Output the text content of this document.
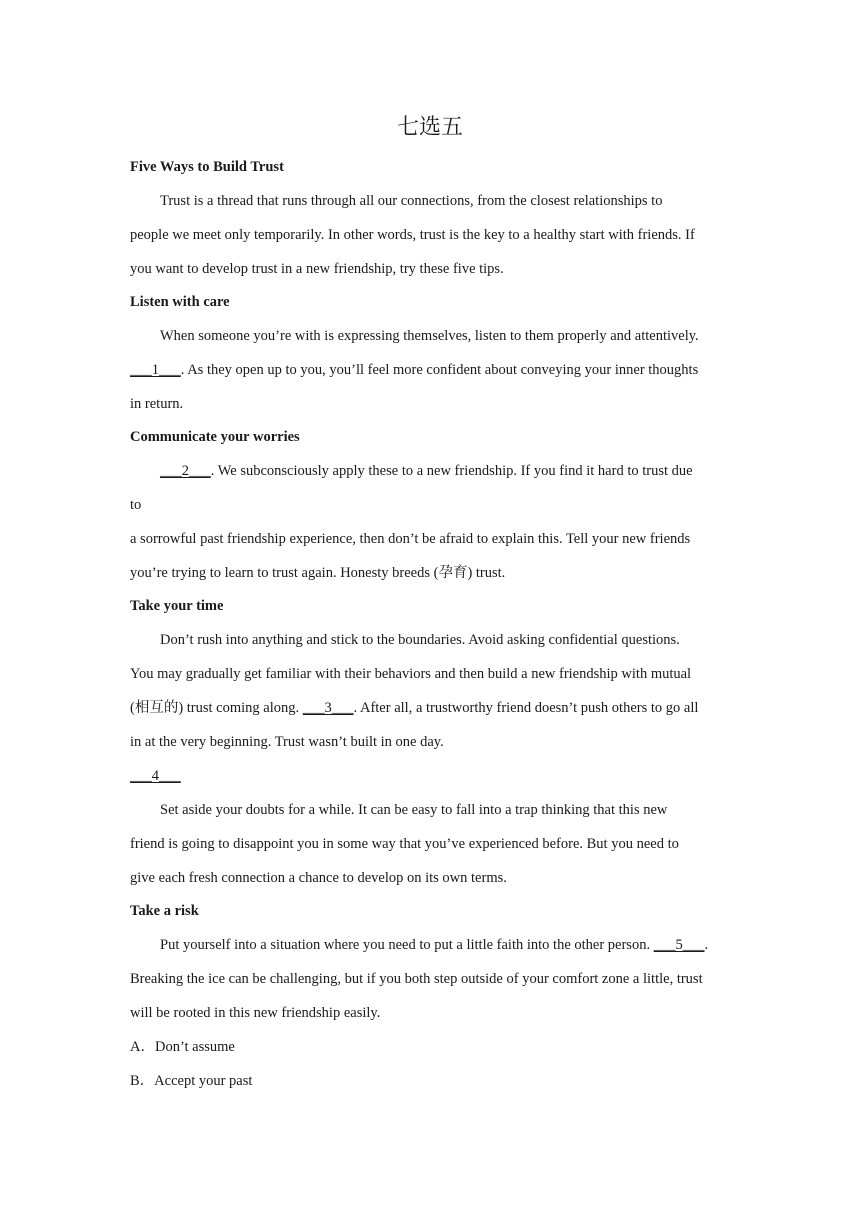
七选五
Five Ways to Build Trust
Trust is a thread that runs through all our connections, from the closest relationships to
people we meet only temporarily. In other words, trust is the key to a healthy start with friends. If
you want to develop trust in a new friendship, try these five tips.
Listen with care
When someone you’re with is expressing themselves, listen to them properly and attentively.
___1___. As they open up to you, you’ll feel more confident about conveying your inner thoughts
in return.
Communicate your worries
___2___. We subconsciously apply these to a new friendship. If you find it hard to trust due
to
a sorrowful past friendship experience, then don’t be afraid to explain this. Tell your new friends
you’re trying to learn to trust again. Honesty breeds (孕育) trust.
Take your time
Don’t rush into anything and stick to the boundaries. Avoid asking confidential questions.
You may gradually get familiar with their behaviors and then build a new friendship with mutual
(相互的) trust coming along. ___3___. After all, a trustworthy friend doesn’t push others to go all
in at the very beginning. Trust wasn’t built in one day.
___4___
Set aside your doubts for a while. It can be easy to fall into a trap thinking that this new
friend is going to disappoint you in some way that you’ve experienced before. But you need to
give each fresh connection a chance to develop on its own terms.
Take a risk
Put yourself into a situation where you need to put a little faith into the other person. ___5___.
Breaking the ice can be challenging, but if you both step outside of your comfort zone a little, trust
will be rooted in this new friendship easily.
A．Don’t assume
B．Accept your past
